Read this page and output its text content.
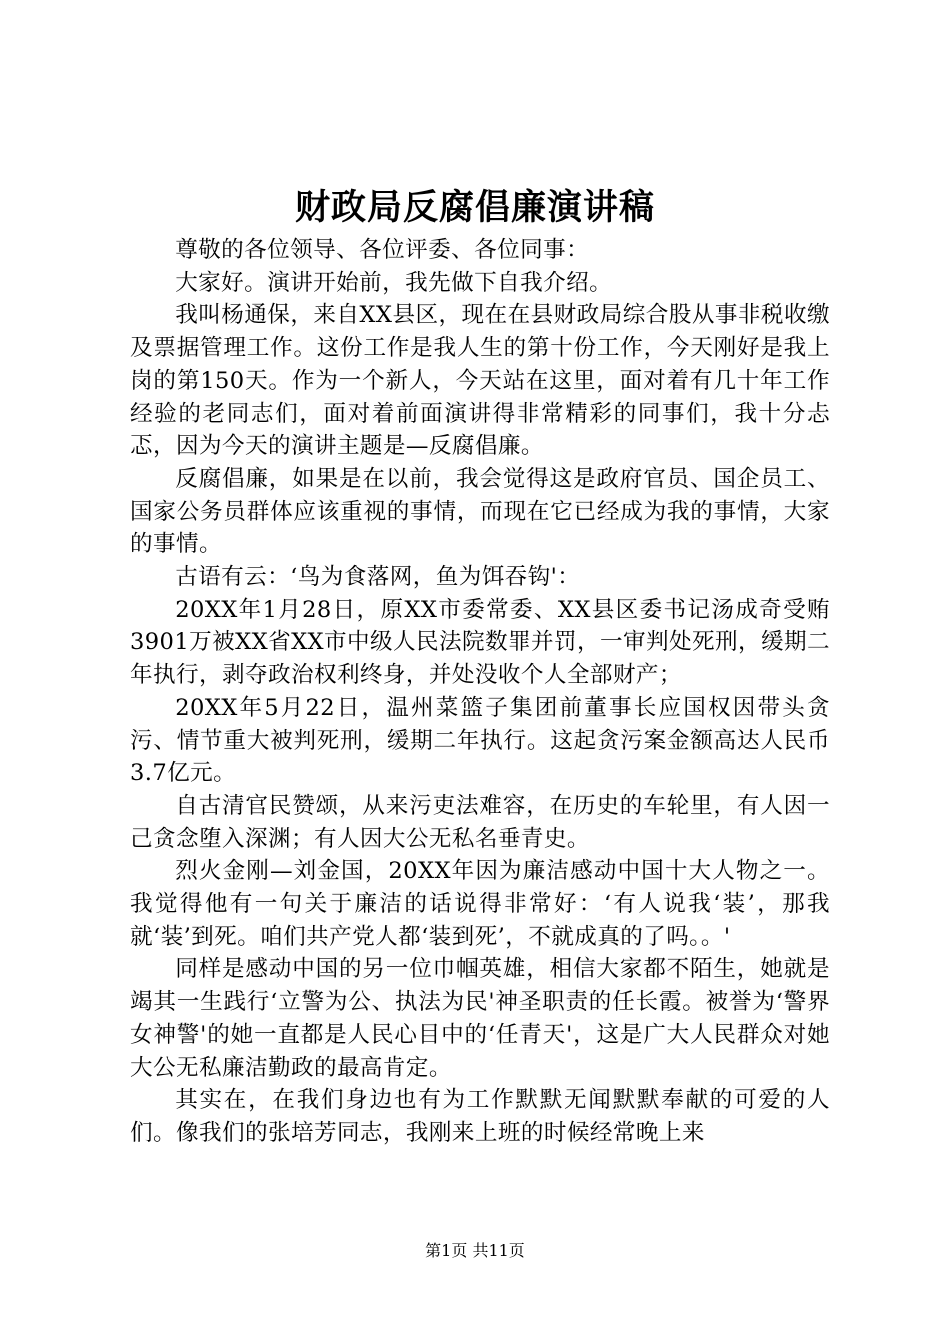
财政局反腐倡廉演讲稿

尊敬的各位领导、各位评委、各位同事：

大家好。演讲开始前，我先做下自我介绍。

我叫杨通保，来自XX县区，现在在县财政局综合股从事非税收缴及票据管理工作。这份工作是我人生的第十份工作，今天刚好是我上岗的第150天。作为一个新人，今天站在这里，面对着有几十年工作经验的老同志们，面对着前面演讲得非常精彩的同事们，我十分忐忑，因为今天的演讲主题是—反腐倡廉。

反腐倡廉，如果是在以前，我会觉得这是政府官员、国企员工、国家公务员群体应该重视的事情，而现在它已经成为我的事情，大家的事情。

古语有云：‘鸟为食落网，鱼为饵吞钩'：

20XX年1月28日，原XX市委常委、XX县区委书记汤成奇受贿3901万被XX省XX市中级人民法院数罪并罚，一审判处死刑，缓期二年执行，剥夺政治权利终身，并处没收个人全部财产；

20XX年5月22日，温州菜篮子集团前董事长应国权因带头贪污、情节重大被判死刑，缓期二年执行。这起贪污案金额高达人民币3.7亿元。

自古清官民赞颂，从来污吏法难容，在历史的车轮里，有人因一己贪念堕入深渊；有人因大公无私名垂青史。

烈火金刚—刘金国，20XX年因为廉洁感动中国十大人物之一。我觉得他有一句关于廉洁的话说得非常好：‘有人说我‘装’，那我就‘装’到死。咱们共产党人都‘装到死’，不就成真的了吗。。'

同样是感动中国的另一位巾帼英雄，相信大家都不陌生，她就是竭其一生践行‘立警为公、执法为民'神圣职责的任长霞。被誉为‘警界女神警'的她一直都是人民心目中的‘任青天'，这是广大人民群众对她大公无私廉洁勤政的最高肯定。

其实在，在我们身边也有为工作默默无闻默默奉献的可爱的人们。像我们的张培芳同志，我刚来上班的时候经常晚上来

第1页 共11页
